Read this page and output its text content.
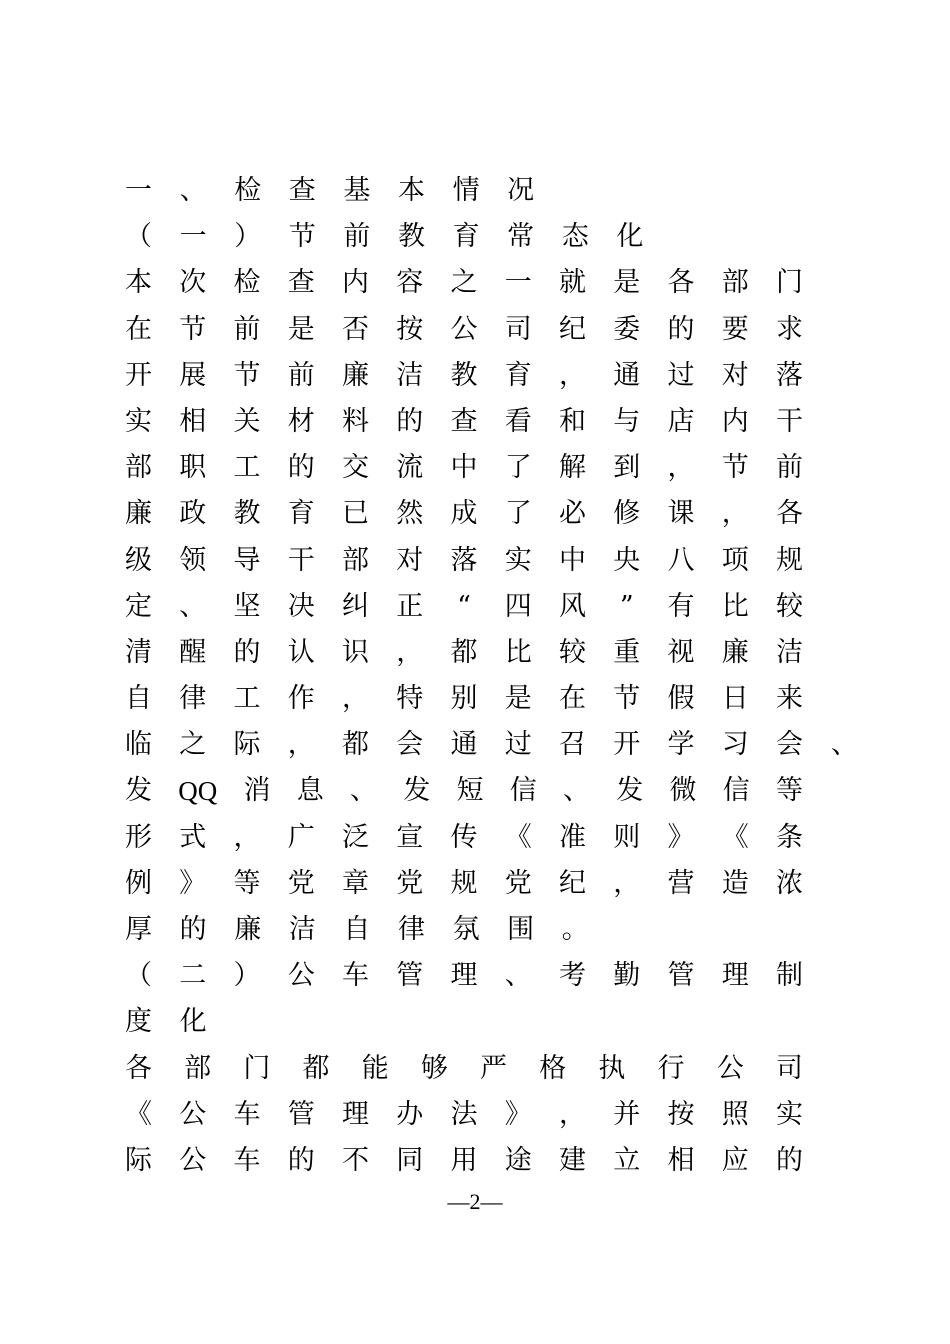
一 、 检 查 基 本 情 况
（ 一 ） 节 前 教 育 常 态 化
本 次 检 查 内 容 之 一 就 是 各 部 门
在 节 前 是 否 按 公 司 纪 委 的 要 求
开 展 节 前 廉 洁 教 育 ， 通 过 对 落
实 相 关 材 料 的 查 看 和 与 店 内 干
部 职 工 的 交 流 中 了 解 到 ， 节 前
廉 政 教 育 已 然 成 了 必 修 课 ， 各
级 领 导 干 部 对 落 实 中 央 八 项 规
定 、 坚 决 纠 正 “ 四 风 ” 有 比 较
清 醒 的 认 识 ， 都 比 较 重 视 廉 洁
自 律 工 作 ， 特 别 是 在 节 假 日 来
临 之 际 ， 都 会 通 过 召 开 学 习 会 、
发 QQ 消 息 、 发 短 信 、 发 微 信 等
形 式 ， 广 泛 宣 传 《 准 则 》 《 条
例 》 等 党 章 党 规 党 纪 ， 营 造 浓
厚 的 廉 洁 自 律 氛 围 。
（ 二 ） 公 车 管 理 、 考 勤 管 理 制
度 化
各 部 门 都 能 够 严 格 执 行 公 司
《 公 车 管 理 办 法 》 ， 并 按 照 实
际 公 车 的 不 同 用 途 建 立 相 应 的
—2—
